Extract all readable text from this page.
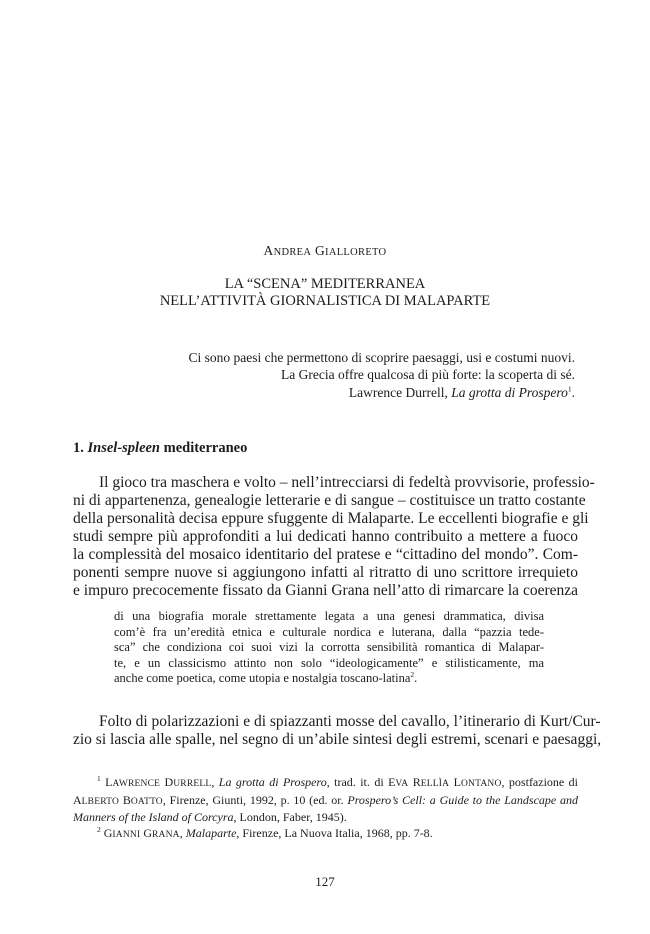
ANDREA GIALLORETO
LA “SCENA” MEDITERRANEA
NELL’ATTIVITÀ GIORNALISTICA DI MALAPARTE
Ci sono paesi che permettono di scoprire paesaggi, usi e costumi nuovi.
La Grecia offre qualcosa di più forte: la scoperta di sé.
Lawrence Durrell, La grotta di Prospero$^1$.
1. Insel-spleen mediterraneo
Il gioco tra maschera e volto – nell’intrecciarsi di fedeltà provvisorie, professio-
ni di appartenenza, genealogie letterarie e di sangue – costituisce un tratto costante
della personalità decisa eppure sfuggente di Malaparte. Le eccellenti biografie e gli
studi sempre più approfonditi a lui dedicati hanno contribuito a mettere a fuoco
la complessità del mosaico identitario del pratese e “cittadino del mondo”. Com-
ponenti sempre nuove si aggiungono infatti al ritratto di uno scrittore irrequieto
e impuro precocemente fissato da Gianni Grana nell’atto di rimarcare la coerenza
di una biografia morale strettamente legata a una genesi drammatica, divisa
com’è fra un’eredità etnica e culturale nordica e luterana, dalla “pazzia tede-
sca” che condiziona coi suoi vizi la corrotta sensibilità romantica di Malapar-
te, e un classicismo attinto non solo “ideologicamente” e stilisticamente, ma
anche come poetica, come utopia e nostalgia toscano-latina$^2$.
Folto di polarizzazioni e di spiazzanti mosse del cavallo, l’itinerario di Kurt/Cur-
zio si lascia alle spalle, nel segno di un’abile sintesi degli estremi, scenari e paesaggi,
$^1$ LAWRENCE DURRELL, La grotta di Prospero, trad. it. di EVA RELLÌA LONTANO, postfazione di
ALBERTO BOATTO, Firenze, Giunti, 1992, p. 10 (ed. or. Prospero’s Cell: a Guide to the Landscape and
Manners of the Island of Corcyra, London, Faber, 1945).
$^2$ GIANNI GRANA, Malaparte, Firenze, La Nuova Italia, 1968, pp. 7-8.
127
